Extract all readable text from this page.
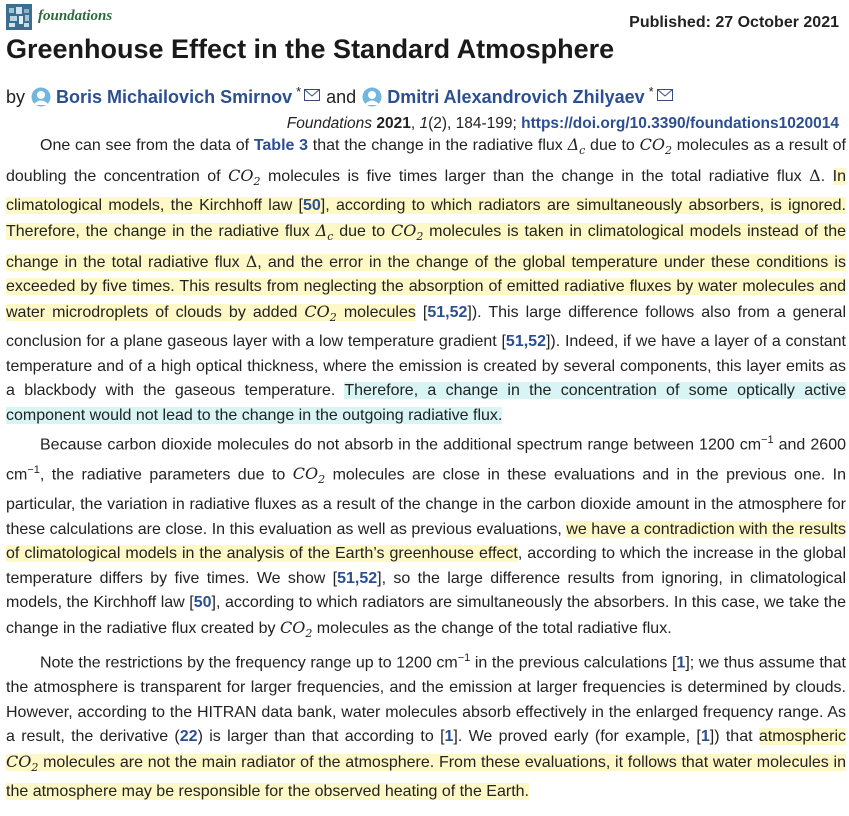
foundations	Published: 27 October 2021
Greenhouse Effect in the Standard Atmosphere
by Boris Michailovich Smirnov * and Dmitri Alexandrovich Zhilyaev *
Foundations 2021, 1(2), 184-199; https://doi.org/10.3390/foundations1020014

One can see from the data of Table 3 that the change in the radiative flux $\Delta_c$ due to $CO_2$ molecules as a result of doubling the concentration of $CO_2$ molecules is five times larger than the change in the total radiative flux Δ. In climatological models, the Kirchhoff law [50], according to which radiators are simultaneously absorbers, is ignored. Therefore, the change in the radiative flux $\Delta_c$ due to $CO_2$ molecules is taken in climatological models instead of the change in the total radiative flux Δ, and the error in the change of the global temperature under these conditions is exceeded by five times. This results from neglecting the absorption of emitted radiative fluxes by water molecules and water microdroplets of clouds by added $CO_2$ molecules [51,52]). This large difference follows also from a general conclusion for a plane gaseous layer with a low temperature gradient [51,52]). Indeed, if we have a layer of a constant temperature and of a high optical thickness, where the emission is created by several components, this layer emits as a blackbody with the gaseous temperature. Therefore, a change in the concentration of some optically active component would not lead to the change in the outgoing radiative flux.

Because carbon dioxide molecules do not absorb in the additional spectrum range between 1200 $cm^{-1}$ and 2600 $cm^{-1}$, the radiative parameters due to $CO_2$ molecules are close in these evaluations and in the previous one. In particular, the variation in radiative fluxes as a result of the change in the carbon dioxide amount in the atmosphere for these calculations are close. In this evaluation as well as previous evaluations, we have a contradiction with the results of climatological models in the analysis of the Earth’s greenhouse effect, according to which the increase in the global temperature differs by five times. We show [51,52], so the large difference results from ignoring, in climatological models, the Kirchhoff law [50], according to which radiators are simultaneously the absorbers. In this case, we take the change in the radiative flux created by $CO_2$ molecules as the change of the total radiative flux.

Note the restrictions by the frequency range up to 1200 $cm^{-1}$ in the previous calculations [1]; we thus assume that the atmosphere is transparent for larger frequencies, and the emission at larger frequencies is determined by clouds. However, according to the HITRAN data bank, water molecules absorb effectively in the enlarged frequency range. As a result, the derivative (22) is larger than that according to [1]. We proved early (for example, [1]) that atmospheric $CO_2$ molecules are not the main radiator of the atmosphere. From these evaluations, it follows that water molecules in the atmosphere may be responsible for the observed heating of the Earth.
